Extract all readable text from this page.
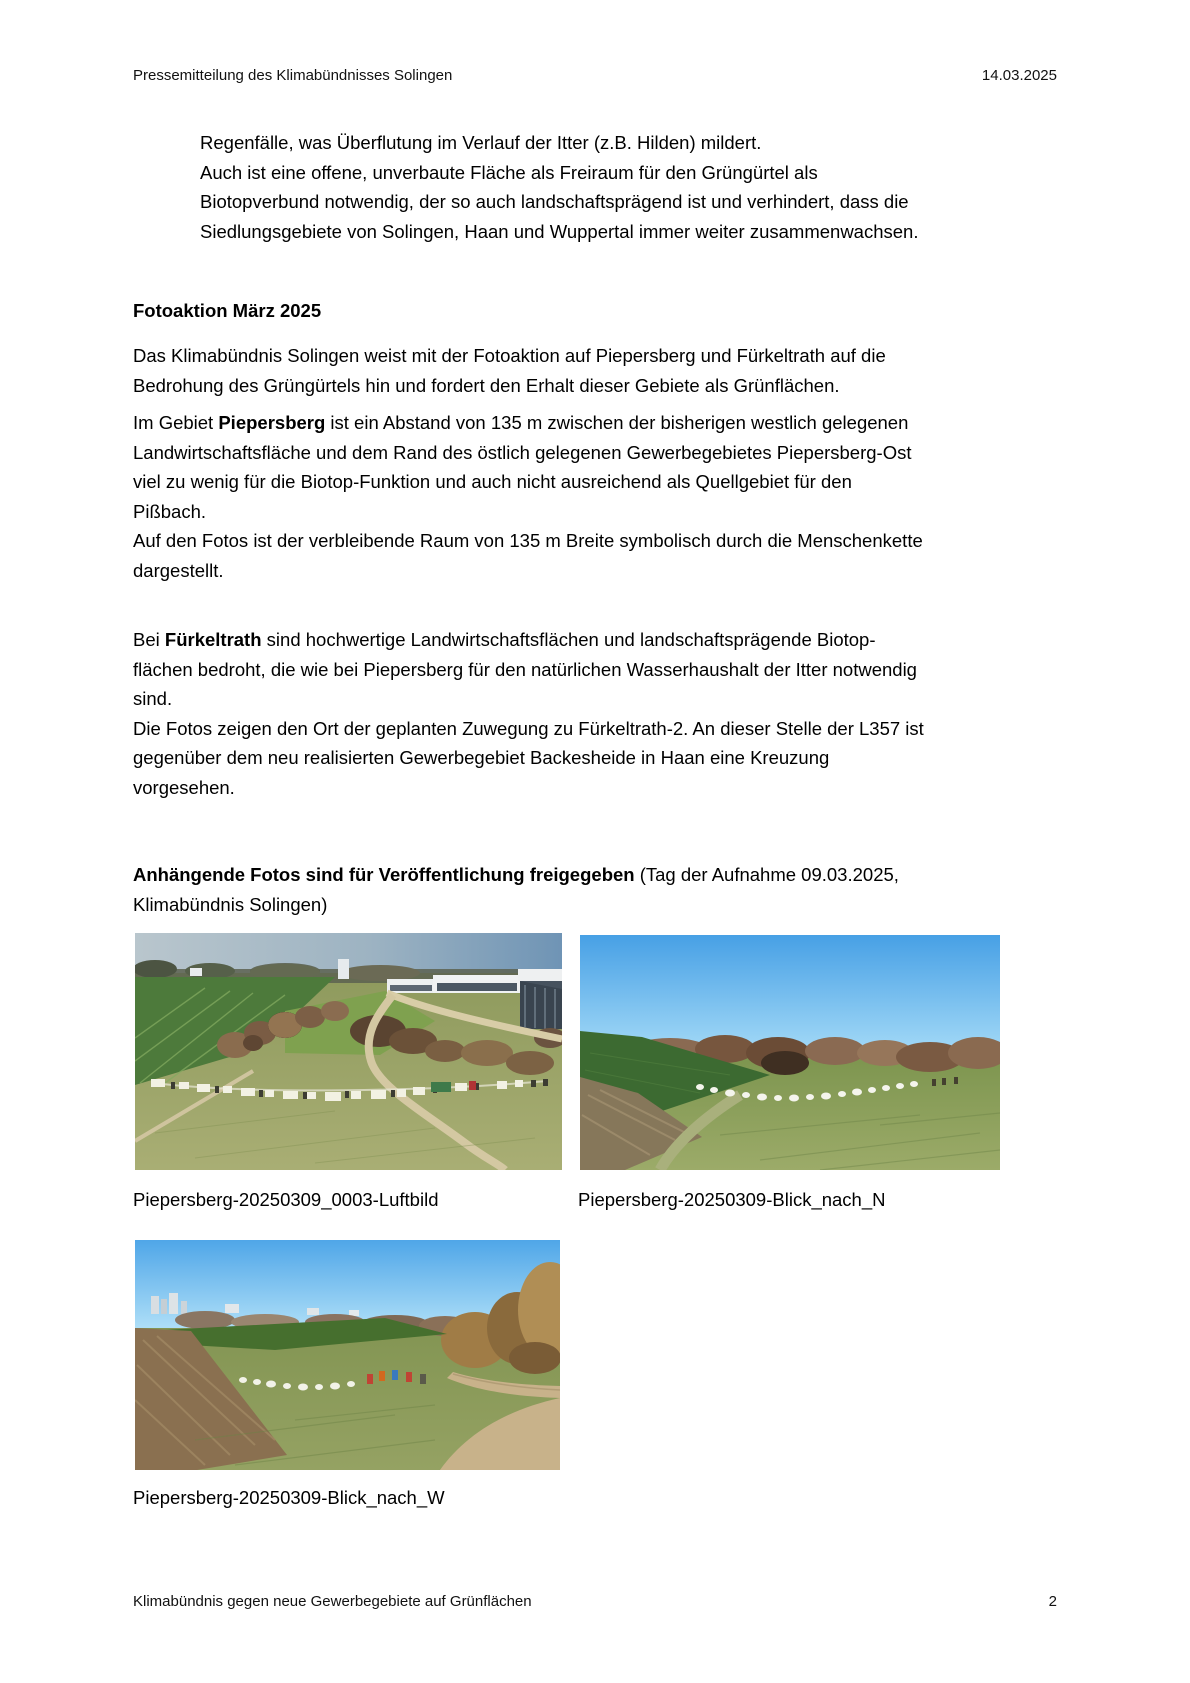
Pressemitteilung des Klimabündnisses Solingen	14.03.2025
Regenfälle, was Überflutung im Verlauf der Itter (z.B. Hilden) mildert.
Auch ist eine offene, unverbaute Fläche als Freiraum für den Grüngürtel als
Biotopverbund notwendig, der so auch landschaftsprägend ist und verhindert, dass die
Siedlungsgebiete von Solingen, Haan und Wuppertal immer weiter zusammenwachsen.
Fotoaktion März 2025
Das Klimabündnis Solingen weist mit der Fotoaktion auf Piepersberg und Fürkeltrath auf die
Bedrohung des Grüngürtels hin und fordert den Erhalt dieser Gebiete als Grünflächen.
Im Gebiet Piepersberg ist ein Abstand von 135 m zwischen der bisherigen westlich gelegenen
Landwirtschaftsfläche und dem Rand des östlich gelegenen Gewerbegebietes Piepersberg-Ost
viel zu wenig für die Biotop-Funktion und auch nicht ausreichend als Quellgebiet für den
Pißbach.
Auf den Fotos ist der verbleibende Raum von 135 m Breite symbolisch durch die Menschenkette
dargestellt.
Bei Fürkeltrath sind hochwertige Landwirtschaftsflächen und landschaftsprägende Biotop-
flächen bedroht, die wie bei Piepersberg für den natürlichen Wasserhaushalt der Itter notwendig
sind.
Die Fotos zeigen den Ort der geplanten Zuwegung zu Fürkeltrath-2. An dieser Stelle der L357 ist
gegenüber dem neu realisierten Gewerbegebiet Backesheide in Haan eine Kreuzung
vorgesehen.
Anhängende Fotos sind für Veröffentlichung freigegeben (Tag der Aufnahme 09.03.2025,
Klimabündnis Solingen)
Piepersberg-20250309_0003-Luftbild	Piepersberg-20250309-Blick_nach_N
Piepersberg-20250309-Blick_nach_W
Klimabündnis gegen neue Gewerbegebiete auf Grünflächen	2
